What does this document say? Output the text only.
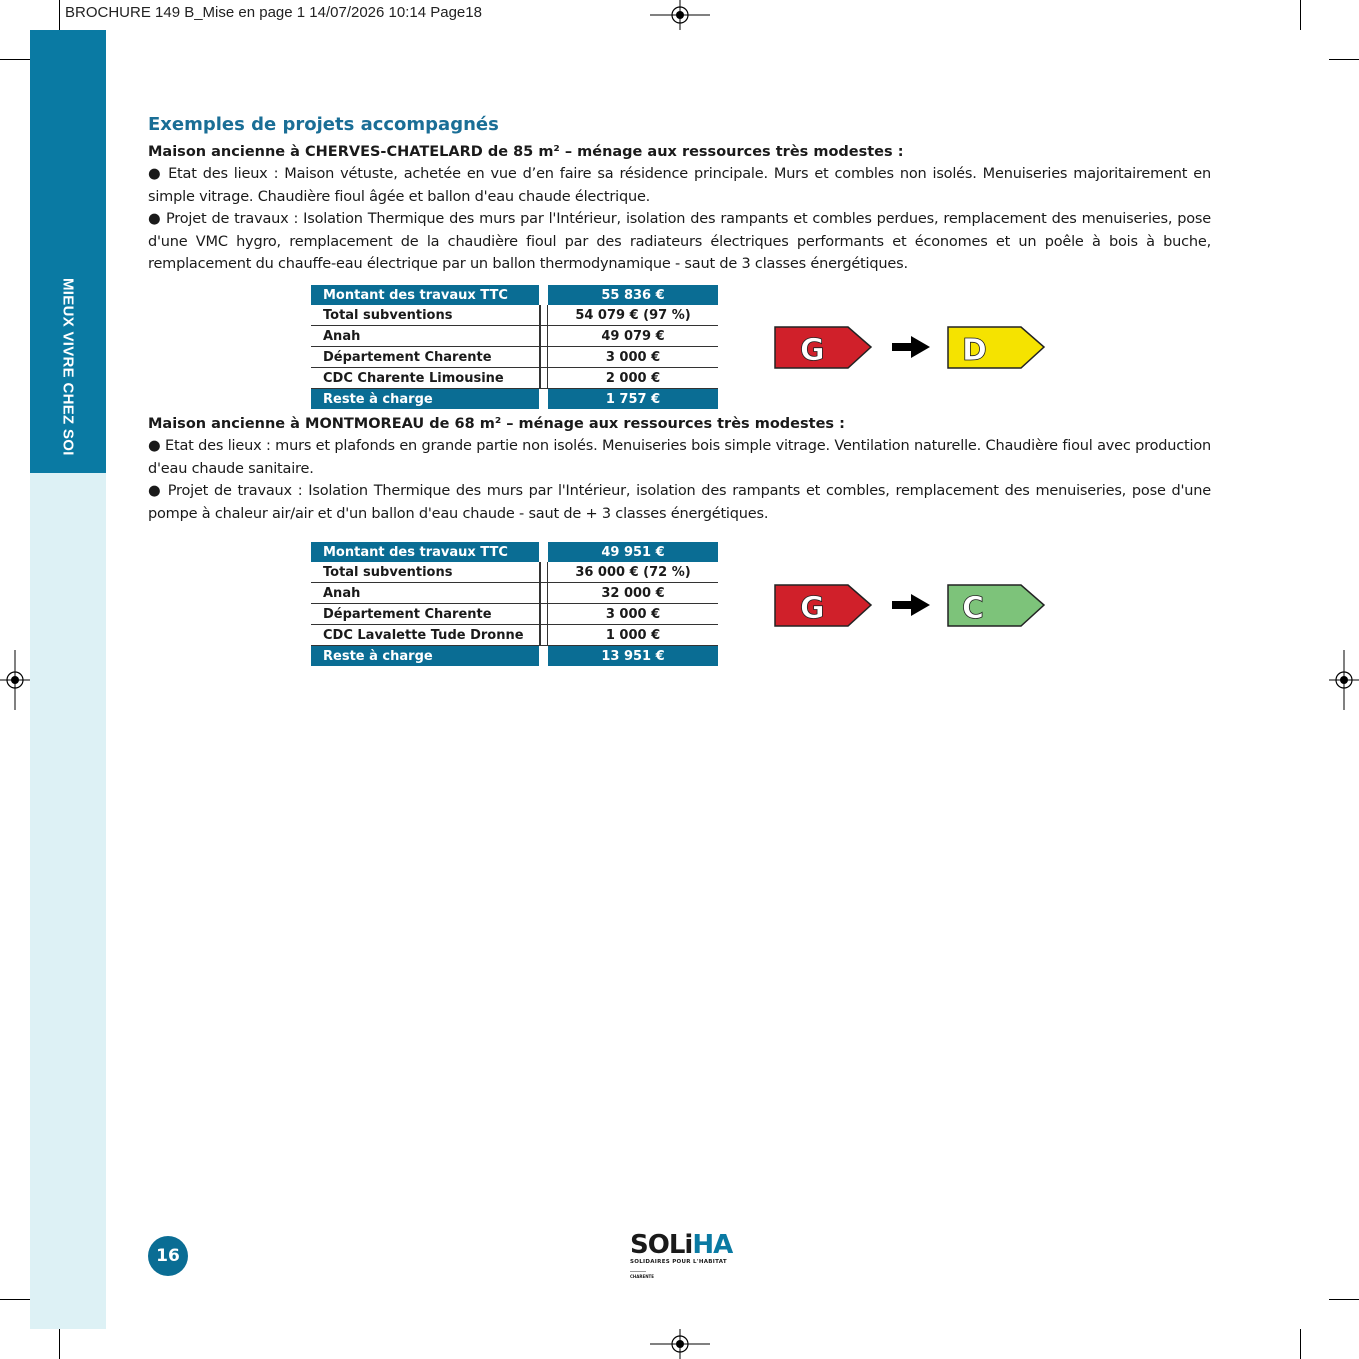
BROCHURE 149 B_Mise en page 1 14/07/2026 10:14 Page18
MIEUX VIVRE CHEZ SOI
Exemples de projets accompagnés

Maison ancienne à CHERVES-CHATELARD de 85 m² – ménage aux ressources très modestes :

● Etat des lieux : Maison vétuste, achetée en vue d’en faire sa résidence principale. Murs et combles non isolés. Menuiseries majoritairement en simple vitrage. Chaudière fioul âgée et ballon d'eau chaude électrique.

● Projet de travaux : Isolation Thermique des murs par l'Intérieur, isolation des rampants et combles perdues, remplacement des menuiseries, pose d'une VMC hygro, remplacement de la chaudière fioul par des radiateurs électriques performants et économes et un poêle à bois à buche, remplacement du chauffe-eau électrique par un ballon thermodynamique - saut de 3 classes énergétiques.

Montant des travaux TTC	55 836 €
Total subventions	54 079 € (97 %)
Anah	49 079 €
Département Charente	3 000 €
CDC Charente Limousine	2 000 €
Reste à charge	1 757 €
G	D

Maison ancienne à MONTMOREAU de 68 m² – ménage aux ressources très modestes :

● Etat des lieux : murs et plafonds en grande partie non isolés. Menuiseries bois simple vitrage. Ventilation naturelle. Chaudière fioul avec production d'eau chaude sanitaire.

● Projet de travaux : Isolation Thermique des murs par l'Intérieur, isolation des rampants et combles, remplacement des menuiseries, pose d'une pompe à chaleur air/air et d'un ballon d'eau chaude - saut de + 3 classes énergétiques.

Montant des travaux TTC	49 951 €
Total subventions	36 000 € (72 %)
Anah	32 000 €
Département Charente	3 000 €
CDC Lavalette Tude Dronne	1 000 €
Reste à charge	13 951 €
G	C
16	SOLiHA
SOLIDAIRES POUR L'HABITAT
CHARENTE
